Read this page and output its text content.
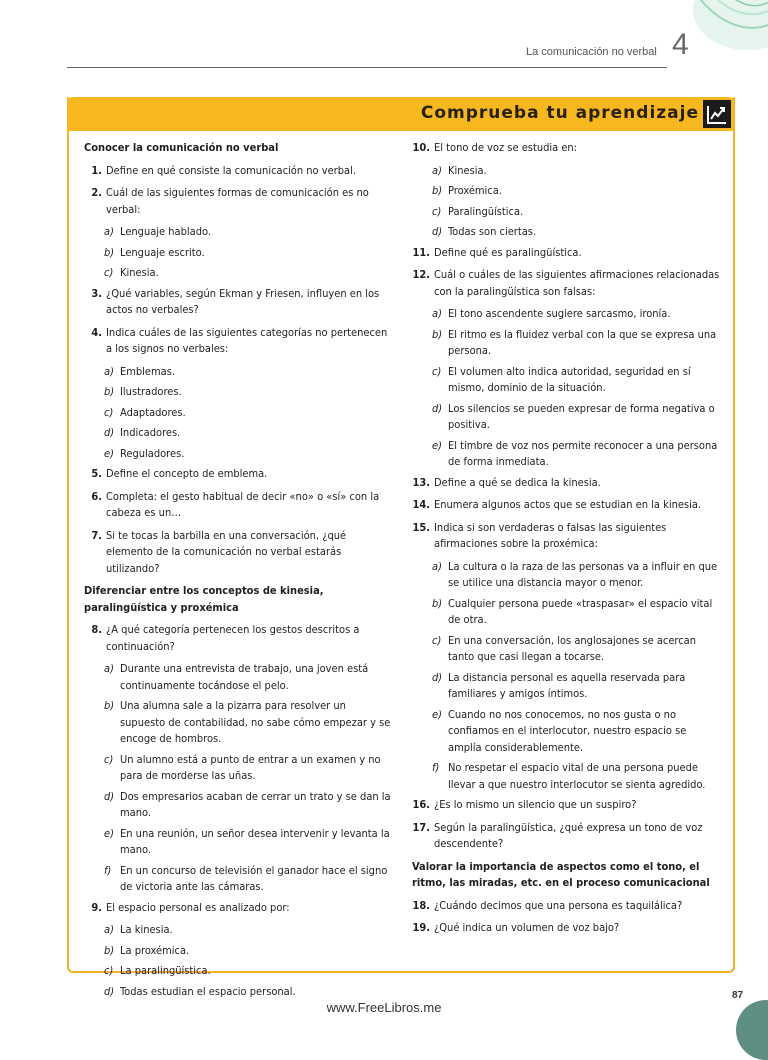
La comunicación no verbal 4
Comprueba tu aprendizaje
Conocer la comunicación no verbal
1. Define en qué consiste la comunicación no verbal.
2. Cuál de las siguientes formas de comunicación es no verbal:
a) Lenguaje hablado.
b) Lenguaje escrito.
c) Kinesia.
3. ¿Qué variables, según Ekman y Friesen, influyen en los actos no verbales?
4. Indica cuáles de las siguientes categorías no pertenecen a los signos no verbales:
a) Emblemas.
b) Ilustradores.
c) Adaptadores.
d) Indicadores.
e) Reguladores.
5. Define el concepto de emblema.
6. Completa: el gesto habitual de decir «no» o «sí» con la cabeza es un…
7. Si te tocas la barbilla en una conversación, ¿qué elemento de la comunicación no verbal estarás utilizando?
Diferenciar entre los conceptos de kinesia, paralingüística y proxémica
8. ¿A qué categoría pertenecen los gestos descritos a continuación?
a) Durante una entrevista de trabajo, una joven está continuamente tocándose el pelo.
b) Una alumna sale a la pizarra para resolver un supuesto de contabilidad, no sabe cómo empezar y se encoge de hombros.
c) Un alumno está a punto de entrar a un examen y no para de morderse las uñas.
d) Dos empresarios acaban de cerrar un trato y se dan la mano.
e) En una reunión, un señor desea intervenir y levanta la mano.
f) En un concurso de televisión el ganador hace el signo de victoria ante las cámaras.
9. El espacio personal es analizado por:
a) La kinesia.
b) La proxémica.
c) La paralingüística.
d) Todas estudian el espacio personal.
10. El tono de voz se estudia en:
a) Kinesia.
b) Proxémica.
c) Paralingüística.
d) Todas son ciertas.
11. Define qué es paralingüística.
12. Cuál o cuáles de las siguientes afirmaciones relacionadas con la paralingüística son falsas:
a) El tono ascendente sugiere sarcasmo, ironía.
b) El ritmo es la fluidez verbal con la que se expresa una persona.
c) El volumen alto indica autoridad, seguridad en sí mismo, dominio de la situación.
d) Los silencios se pueden expresar de forma negativa o positiva.
e) El timbre de voz nos permite reconocer a una persona de forma inmediata.
13. Define a qué se dedica la kinesia.
14. Enumera algunos actos que se estudian en la kinesia.
15. Indica si son verdaderas o falsas las siguientes afirmaciones sobre la proxémica:
a) La cultura o la raza de las personas va a influir en que se utilice una distancia mayor o menor.
b) Cualquier persona puede «traspasar» el espacio vital de otra.
c) En una conversación, los anglosajones se acercan tanto que casi llegan a tocarse.
d) La distancia personal es aquella reservada para familiares y amigos íntimos.
e) Cuando no nos conocemos, no nos gusta o no confiamos en el interlocutor, nuestro espacio se amplía considerablemente.
f) No respetar el espacio vital de una persona puede llevar a que nuestro interlocutor se sienta agredido.
16. ¿Es lo mismo un silencio que un suspiro?
17. Según la paralingüística, ¿qué expresa un tono de voz descendente?
Valorar la importancia de aspectos como el tono, el ritmo, las miradas, etc. en el proceso comunicacional
18. ¿Cuándo decimos que una persona es taquilálica?
19. ¿Qué indica un volumen de voz bajo?
www.FreeLibros.me
87
